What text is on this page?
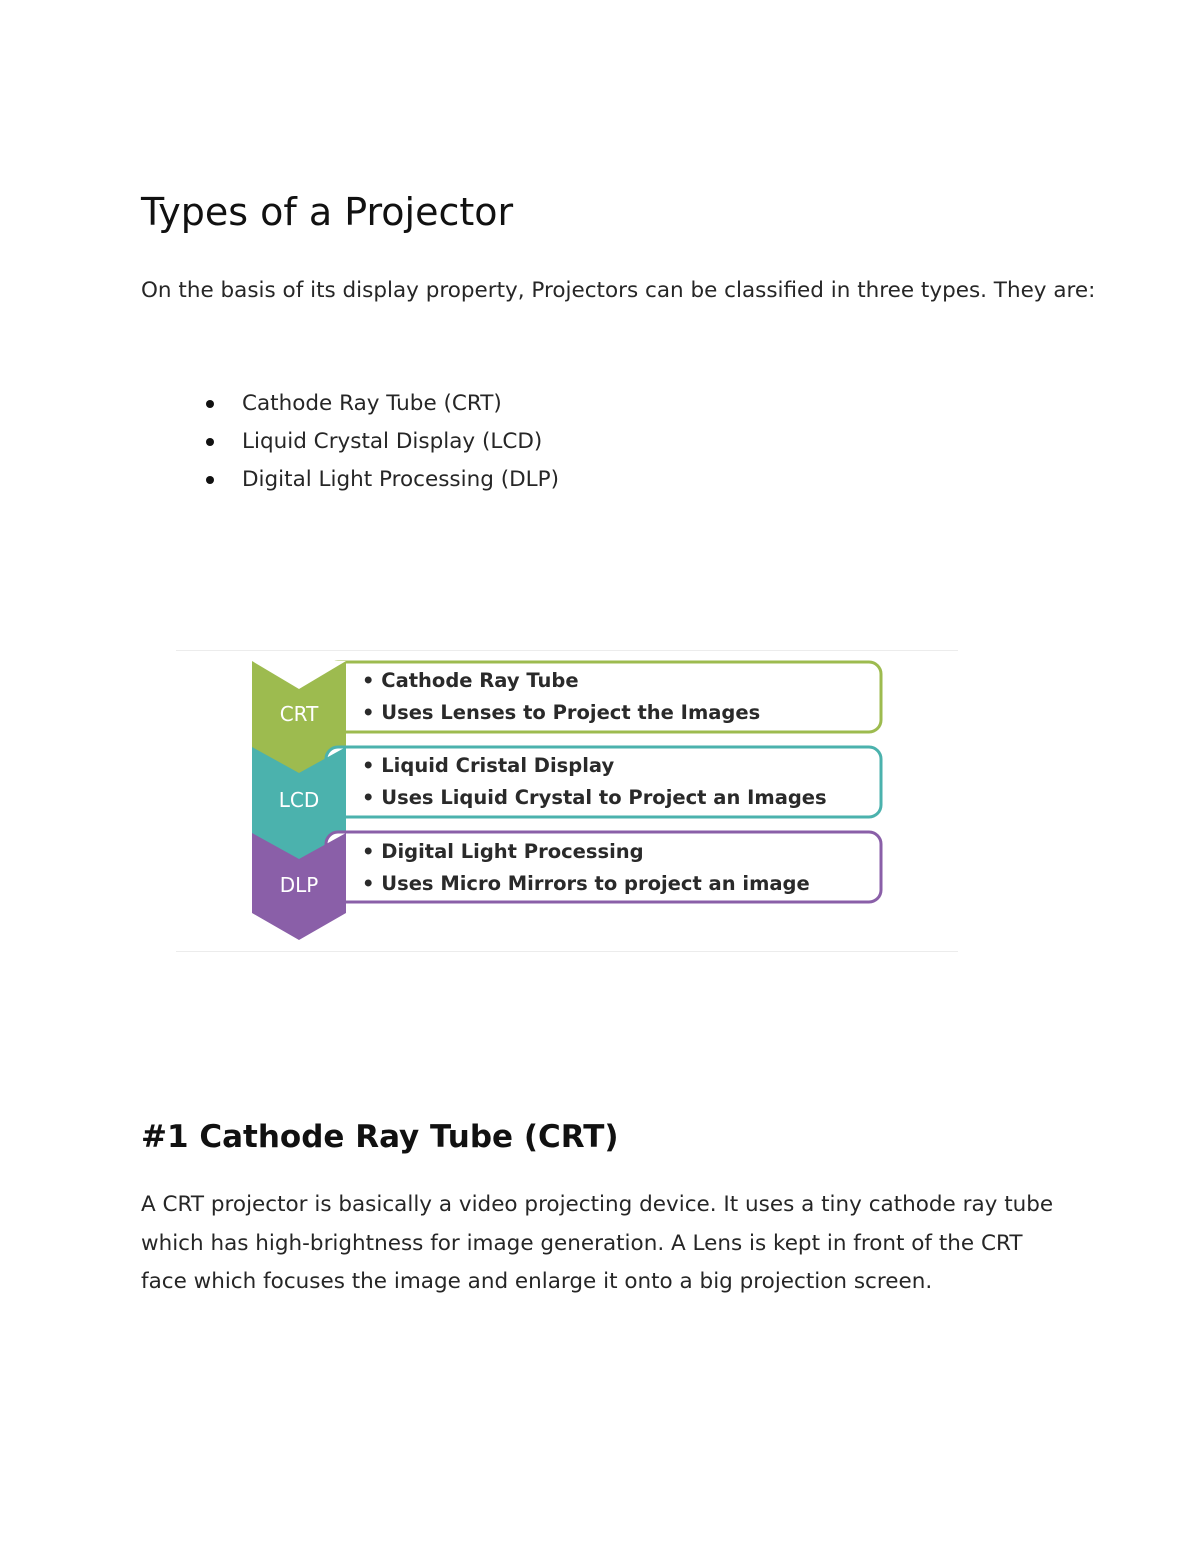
Types of a Projector

On the basis of its display property, Projectors can be classified in three types. They are:

Cathode Ray Tube (CRT)
Liquid Crystal Display (LCD)
Digital Light Processing (DLP)
CRT
• Cathode Ray Tube
• Uses Lenses to Project the Images
LCD
• Liquid Cristal Display
• Uses Liquid Crystal to Project an Images
DLP
• Digital Light Processing
• Uses Micro Mirrors to project an image
#1 Cathode Ray Tube (CRT)

A CRT projector is basically a video projecting device. It uses a tiny cathode ray tube which has high-brightness for image generation. A Lens is kept in front of the CRT face which focuses the image and enlarge it onto a big projection screen.
